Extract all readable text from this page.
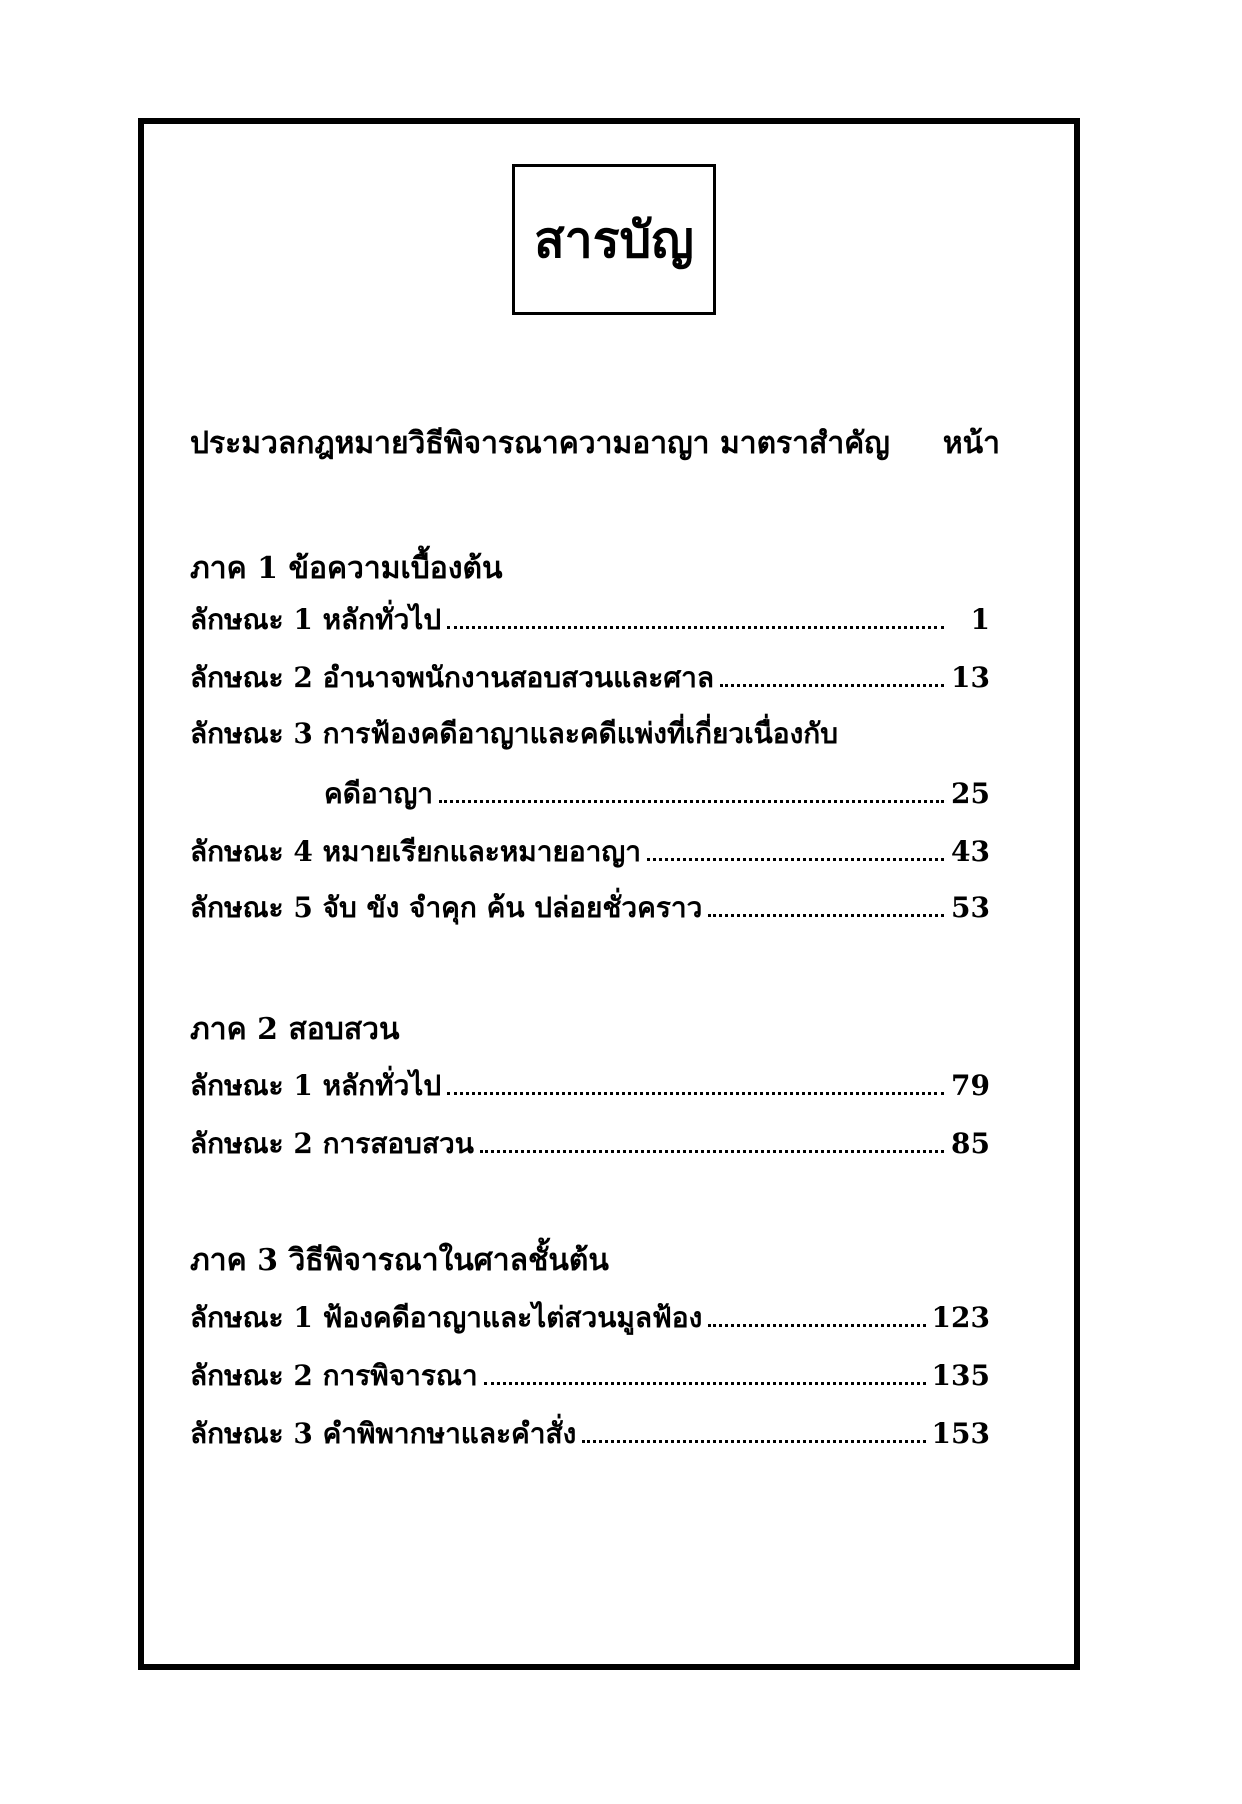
สารบัญ
ประมวลกฎหมายวิธีพิจารณาความอาญา มาตราสำคัญ หน้า
ภาค 1 ข้อความเบื้องต้น
ลักษณะ 1 หลักทั่วไป	1
ลักษณะ 2 อำนาจพนักงานสอบสวนและศาล	13
ลักษณะ 3 การฟ้องคดีอาญาและคดีแพ่งที่เกี่ยวเนื่องกับ
คดีอาญา	25
ลักษณะ 4 หมายเรียกและหมายอาญา	43
ลักษณะ 5 จับ ขัง จำคุก ค้น ปล่อยชั่วคราว	53
ภาค 2 สอบสวน
ลักษณะ 1 หลักทั่วไป	79
ลักษณะ 2 การสอบสวน	85
ภาค 3 วิธีพิจารณาในศาลชั้นต้น
ลักษณะ 1 ฟ้องคดีอาญาและไต่สวนมูลฟ้อง	123
ลักษณะ 2 การพิจารณา	135
ลักษณะ 3 คำพิพากษาและคำสั่ง	153
